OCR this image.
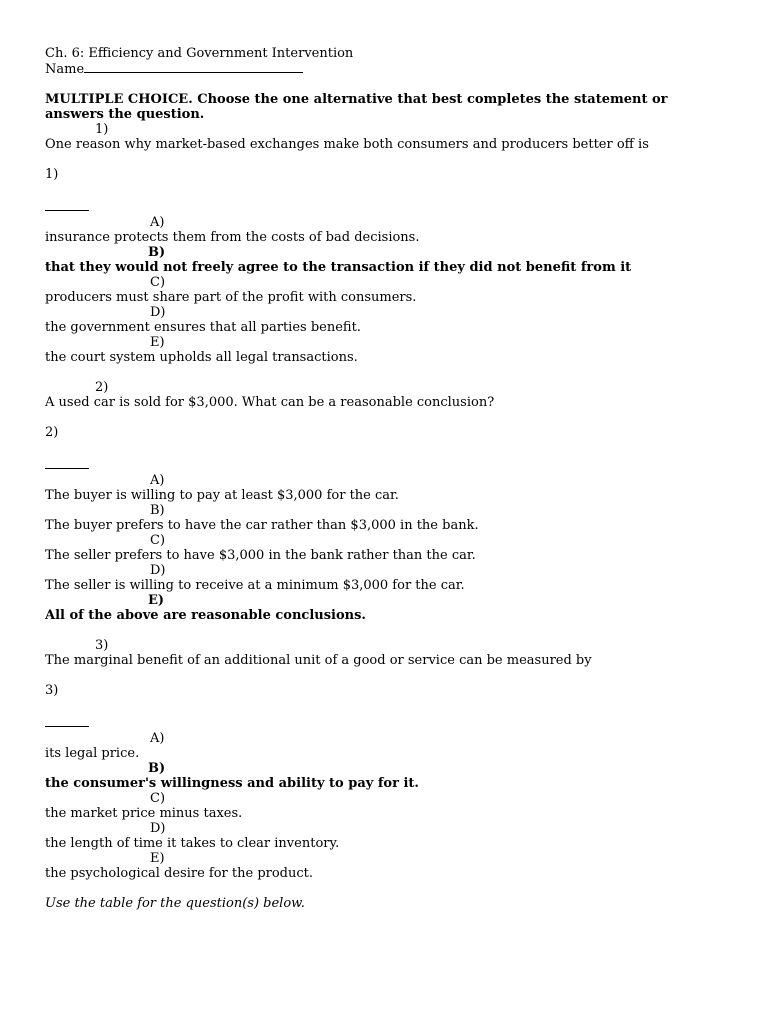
Ch. 6: Efficiency and Government Intervention
Name
MULTIPLE CHOICE. Choose the one alternative that best completes the statement or answers the question.
1)
One reason why market-based exchanges make both consumers and producers better off is
1)
A)
insurance protects them from the costs of bad decisions.
B)
that they would not freely agree to the transaction if they did not benefit from it
C)
producers must share part of the profit with consumers.
D)
the government ensures that all parties benefit.
E)
the court system upholds all legal transactions.
2)
A used car is sold for $3,000. What can be a reasonable conclusion?
2)
A)
The buyer is willing to pay at least $3,000 for the car.
B)
The buyer prefers to have the car rather than $3,000 in the bank.
C)
The seller prefers to have $3,000 in the bank rather than the car.
D)
The seller is willing to receive at a minimum $3,000 for the car.
E)
All of the above are reasonable conclusions.
3)
The marginal benefit of an additional unit of a good or service can be measured by
3)
A)
its legal price.
B)
the consumer's willingness and ability to pay for it.
C)
the market price minus taxes.
D)
the length of time it takes to clear inventory.
E)
the psychological desire for the product.
Use the table for the question(s) below.
